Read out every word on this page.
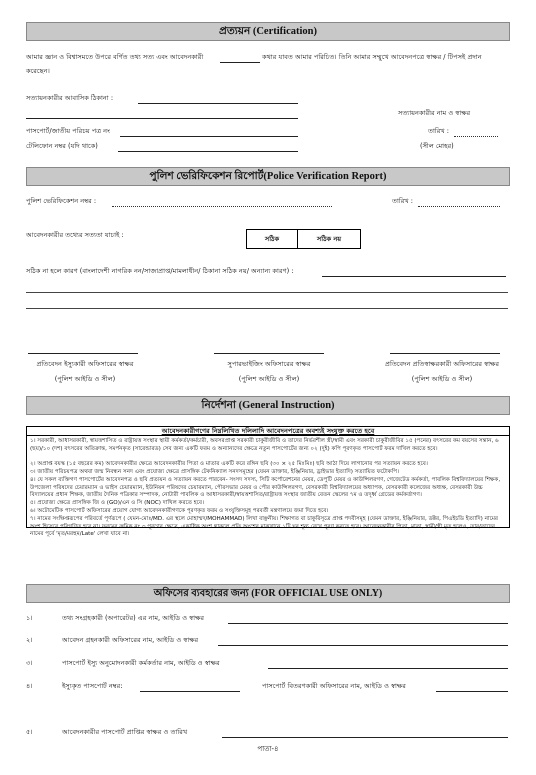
প্রত্যয়ন (Certification)
আমার জ্ঞান ও বিশ্বাসমতে উপরে বর্ণিত তথ্য সত্য এবং আবেদনকারী	কথার যাবত আমার পরিচিত। তিনি আমার সম্মুখে আবেদনপত্রে স্বাক্ষর / টিপসই প্রদান
করেছেন।
সত্যায়নকারীর আবাসিক ঠিকানা :
সত্যায়নকারীর নাম ও স্বাক্ষর
পাসপোর্ট/জাতীয় পরিচয় পত্র নং	তারিখ :
টেলিফোন নম্বর (যদি থাকে)	(সীল মোহর)
পুলিশ ভেরিফিকেশন রিপোর্ট(Police Verification Report)
পুলিশ ভেরিফিকেশন নম্বর :	তারিখ :
আবেদনকারীর তথ্যের সত্যতা যাচাই :	সঠিক	সঠিক নয়
সঠিক না হলে কারণ (বাংলাদেশী নাগরিক নন/সাজাপ্রাপ্ত/মামলাধীন/ ঠিকানা সঠিক নয়/ অন্যান্য কারণ) :
প্রতিবেদন ইস্যুকারী অফিসারের স্বাক্ষর
(পুলিশ আইডি ও সীল)
সুপারভাইজিং অফিসারের স্বাক্ষর
(পুলিশ আইডি ও সীল)
প্রতিবেদন প্রতিস্বাক্ষরকারী অফিসারের স্বাক্ষর
(পুলিশ আইডি ও সীল)
নির্দেশনা (General Instruction)
আবেদনকারীগণের নিম্নলিখিত দলিলাদি আবেদনপত্রের অবশ্যই সংযুক্ত করতে হবে
১। সরকারী, আধাসরকারী, স্বায়ত্তশাসিত ও রাষ্ট্রায়ত্ত সংস্থার স্থায়ী কর্মকর্তা/কর্মচারী, অবসরপ্রাপ্ত সরকারী চাকুরীজীবি ও তাদের নির্ভরশীল স্ত্রী/স্বামী এবং সরকারী চাকুরীজীবির ১৫ (পনের) বৎসরের কম বয়সের সন্তান, ৬ (ছয়)/১০ (দশ) বৎসরের অতিক্রান্ত, সমর্পনকৃত (সারেন্ডারড) সেব জন্য একটি ফরম ও অন্যান্যদের ক্ষেত্রে নতুন পাসপোর্টের জন্য ০২ (দুই) কপি পূরণকৃত পাসপোর্ট ফরম দাখিল করতে হবে।
২। অপ্রাপ্ত বয়স্ক (১৫ বছরের কম) আবেদনকারীর ক্ষেত্রে আবেদনকারীর পিতা ও মাতার একটি করে রঙ্গিন ছবি (৩০ × ২৫ মিঃমিঃ) ছবি আঠা দিয়ে লাগানোর পর সত্যায়ন করতে হবে।
৩। জাতীয় পরিচয়পত্র অথবা জন্ম নিবন্ধন সনদ এবং প্রযোজ্য ক্ষেত্রে প্রাসঙ্গিক টেকনিক্যাল সনদসমূহের (যেমন ডাক্তার, ইঞ্জিনিয়ার, ড্রাইভার ইত্যাদি) সত্যায়িত ফটোকপি।
৪। যে সকল ব্যক্তিগণ পাসপোর্টের আবেদনপত্র ও ছবি প্রত্যয়ন ও সত্যায়ন করতে পারবেন- সংসদ সদস্য, সিটি কর্পোরেশনের মেয়র, ডেপুটি মেয়র ও কাউন্সিলরগণ, গেজেটেড কর্মকর্তা, পাবলিক বিশ্ববিদ্যালয়ের শিক্ষক, উপজেলা পরিষদের চেয়ারম্যান ও ভাইস চেয়ারম্যান, ইউনিয়ন পরিষদের চেয়ারম্যান, পৌরসভার মেয়র ও পৌর কাউন্সিলরগণ, বেসরকারী বিশ্ববিদ্যালয়ের অধ্যাপক, বেসরকারী কলেজের অধ্যক্ষ, বেসরকারী উচ্চ বিদ্যালয়ের প্রধান শিক্ষক, জাতীয় দৈনিক পত্রিকার সম্পাদক, নোটারী পাবলিক ও আধাসরকারী/স্বায়ত্তশাসিত/রাষ্ট্রায়ত্ত সংস্থার জাতীয় বেতন স্কেলের ৭ম ও তদূর্ধ্ব গ্রেডের কর্মকর্তাগণ।
৫। প্রযোজ্য ক্ষেত্রে প্রাসঙ্গিক জি ও (GO)/এন ও সি (NOC) দাখিল করতে হবে।
৬। অটোমেটিক পাসপোর্ট অফিসারের প্রয়োগ যোগ্য আবেদনকারীগণকে পূরণকৃত ফরম ও সংযুক্তিসমূহ পরবর্তী মন্ত্রণালয়ে জমা দিতে হবে।
৭। নামের সংক্ষিপ্তরূপের পরিবর্তে পূর্ণরূপে ( যেমন-মোঃ/MD. এর স্থলে মোহাম্মদ/MOHAMMAD) লিখা বাঞ্ছনীয়। শিক্ষাগত বা চাকুরিসূত্রে প্রাপ্ত পদবীসমূহ (যেমন ডাক্তার, ইঞ্জিনিয়ার, ডক্টর, পিএইচডি ইত্যাদি) নামের অংশ হিসেবে পরিগণিত হবে না। ফরমের ক্রমিক নং ৩ পূরণের ক্ষেত্রে, একাধিক অংশ থাকলে প্রতি অংশের মাঝখানে ১টি ঘর শূন্য রেখে পূরণ করতে হবে। আবেদনকারীর পিতা, মাতা, স্বামী/স্ত্রী মৃত হলেও, তার/তাদের নামের পূর্বে 'মৃত/মরহুম/Late' লেখা যাবে না।
অফিসের ব্যবহারের জন্য (FOR OFFICIAL USE ONLY)
১।	তথ্য সংগ্রহকারী (অপারেটর) এর নাম, আইডি ও স্বাক্ষর
২।	আবেদন গ্রহনকারী অফিসারের নাম, আইডি ও স্বাক্ষর
৩।	পাসপোর্ট ইস্যু অনুমোদনকারী কর্মকর্তার নাম, আইডি ও স্বাক্ষর
৪।	ইস্যুকৃত পাসপোর্ট নম্বর:	পাসপোর্ট বিতরণকারী অফিসারের নাম, আইডি ও স্বাক্ষর
৫।	আবেদনকারীর পাসপোর্ট প্রাপ্তির স্বাক্ষর ও তারিখ
পাতা-৪
